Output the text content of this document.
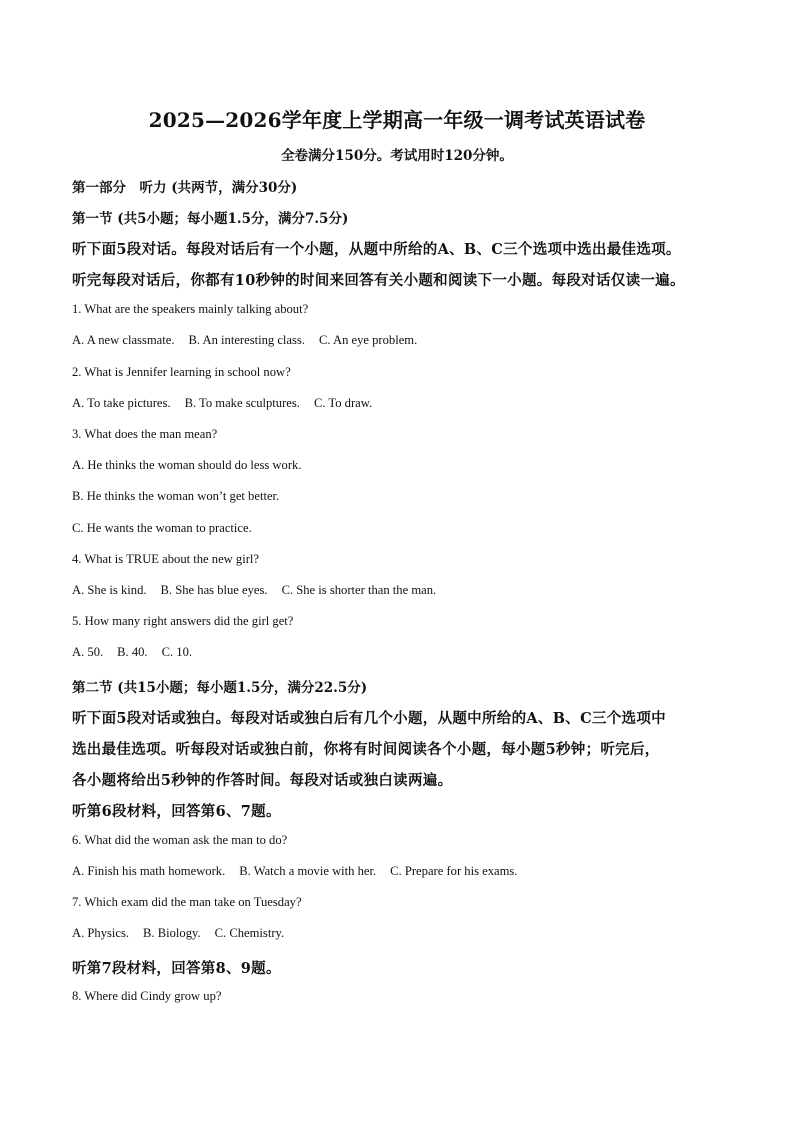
2025—2026学年度上学期高一年级一调考试英语试卷
全卷满分150分。考试用时120分钟。
第一部分　听力 (共两节，满分30分)
第一节 (共5小题；每小题1.5分，满分7.5分)
听下面5段对话。每段对话后有一个小题，从题中所给的A、B、C三个选项中选出最佳选项。
听完每段对话后，你都有10秒钟的时间来回答有关小题和阅读下一小题。每段对话仅读一遍。
1. What are the speakers mainly talking about?
A. A new classmate. B. An interesting class. C. An eye problem.
2. What is Jennifer learning in school now?
A. To take pictures. B. To make sculptures. C. To draw.
3. What does the man mean?
A. He thinks the woman should do less work.
B. He thinks the woman won’t get better.
C. He wants the woman to practice.
4. What is TRUE about the new girl?
A. She is kind. B. She has blue eyes. C. She is shorter than the man.
5. How many right answers did the girl get?
A. 50. B. 40. C. 10.
第二节 (共15小题；每小题1.5分，满分22.5分)
听下面5段对话或独白。每段对话或独白后有几个小题，从题中所给的A、B、C三个选项中
选出最佳选项。听每段对话或独白前，你将有时间阅读各个小题，每小题5秒钟；听完后，
各小题将给出5秒钟的作答时间。每段对话或独白读两遍。
听第6段材料，回答第6、7题。
6. What did the woman ask the man to do?
A. Finish his math homework. B. Watch a movie with her. C. Prepare for his exams.
7. Which exam did the man take on Tuesday?
A. Physics. B. Biology. C. Chemistry.
听第7段材料，回答第8、9题。
8. Where did Cindy grow up?
